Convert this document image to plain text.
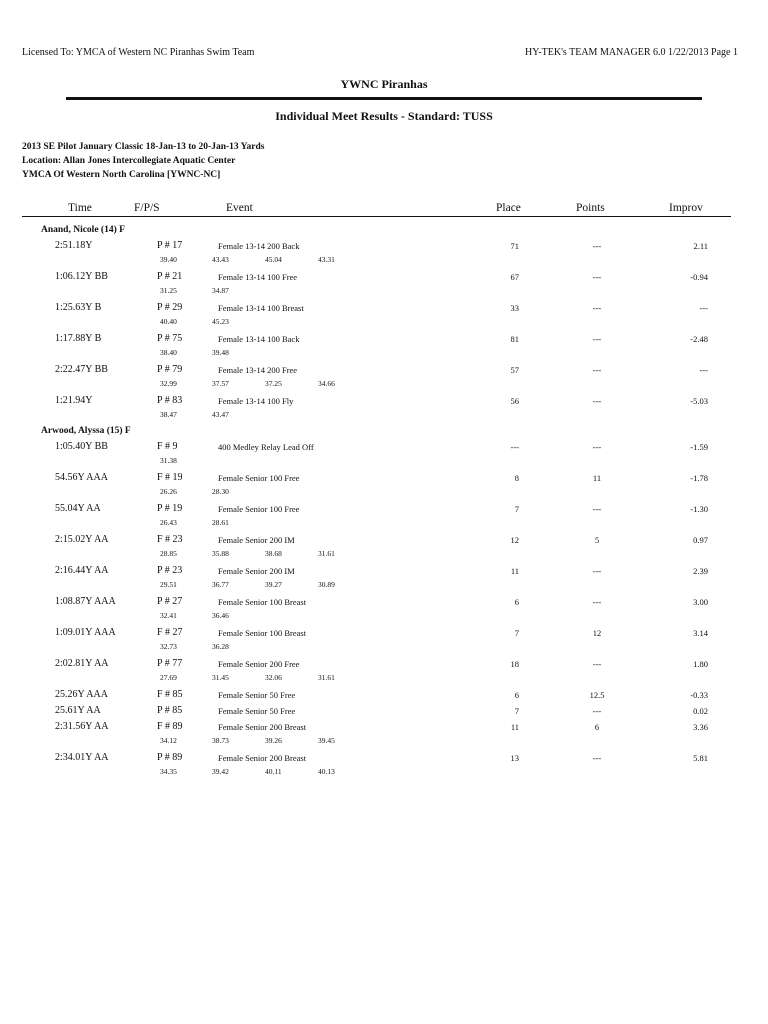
Licensed To: YMCA of Western NC Piranhas Swim Team	HY-TEK's TEAM MANAGER 6.0 1/22/2013 Page 1
YWNC Piranhas
Individual Meet Results - Standard: TUSS
2013 SE Pilot January Classic 18-Jan-13 to 20-Jan-13 Yards
Location: Allan Jones Intercollegiate Aquatic Center
YMCA Of Western North Carolina [YWNC-NC]
Time	F/P/S	Event	Place	Points	Improv
Anand, Nicole (14) F
2:51.18Y	P # 17	Female 13-14 200 Back	71	---	2.11
39.40	43.43	45.04	43.31
1:06.12Y BB	P # 21	Female 13-14 100 Free	67	---	-0.94
31.25	34.87
1:25.63Y B	P # 29	Female 13-14 100 Breast	33	---	---
40.40	45.23
1:17.88Y B	P # 75	Female 13-14 100 Back	81	---	-2.48
38.40	39.48
2:22.47Y BB	P # 79	Female 13-14 200 Free	57	---	---
32.99	37.57	37.25	34.66
1:21.94Y	P # 83	Female 13-14 100 Fly	56	---	-5.03
38.47	43.47
Arwood, Alyssa (15) F
1:05.40Y BB	F # 9	400 Medley Relay Lead Off	---	---	-1.59
31.38
54.56Y AAA	F # 19	Female Senior 100 Free	8	11	-1.78
26.26	28.30
55.04Y AA	P # 19	Female Senior 100 Free	7	---	-1.30
26.43	28.61
2:15.02Y AA	F # 23	Female Senior 200 IM	12	5	0.97
28.85	35.88	38.68	31.61
2:16.44Y AA	P # 23	Female Senior 200 IM	11	---	2.39
29.51	36.77	39.27	30.89
1:08.87Y AAA	P # 27	Female Senior 100 Breast	6	---	3.00
32.41	36.46
1:09.01Y AAA	F # 27	Female Senior 100 Breast	7	12	3.14
32.73	36.28
2:02.81Y AA	P # 77	Female Senior 200 Free	18	---	1.80
27.69	31.45	32.06	31.61
25.26Y AAA	F # 85	Female Senior 50 Free	6	12.5	-0.33
25.61Y AA	P # 85	Female Senior 50 Free	7	---	0.02
2:31.56Y AA	F # 89	Female Senior 200 Breast	11	6	3.36
34.12	38.73	39.26	39.45
2:34.01Y AA	P # 89	Female Senior 200 Breast	13	---	5.81
34.35	39.42	40.11	40.13
